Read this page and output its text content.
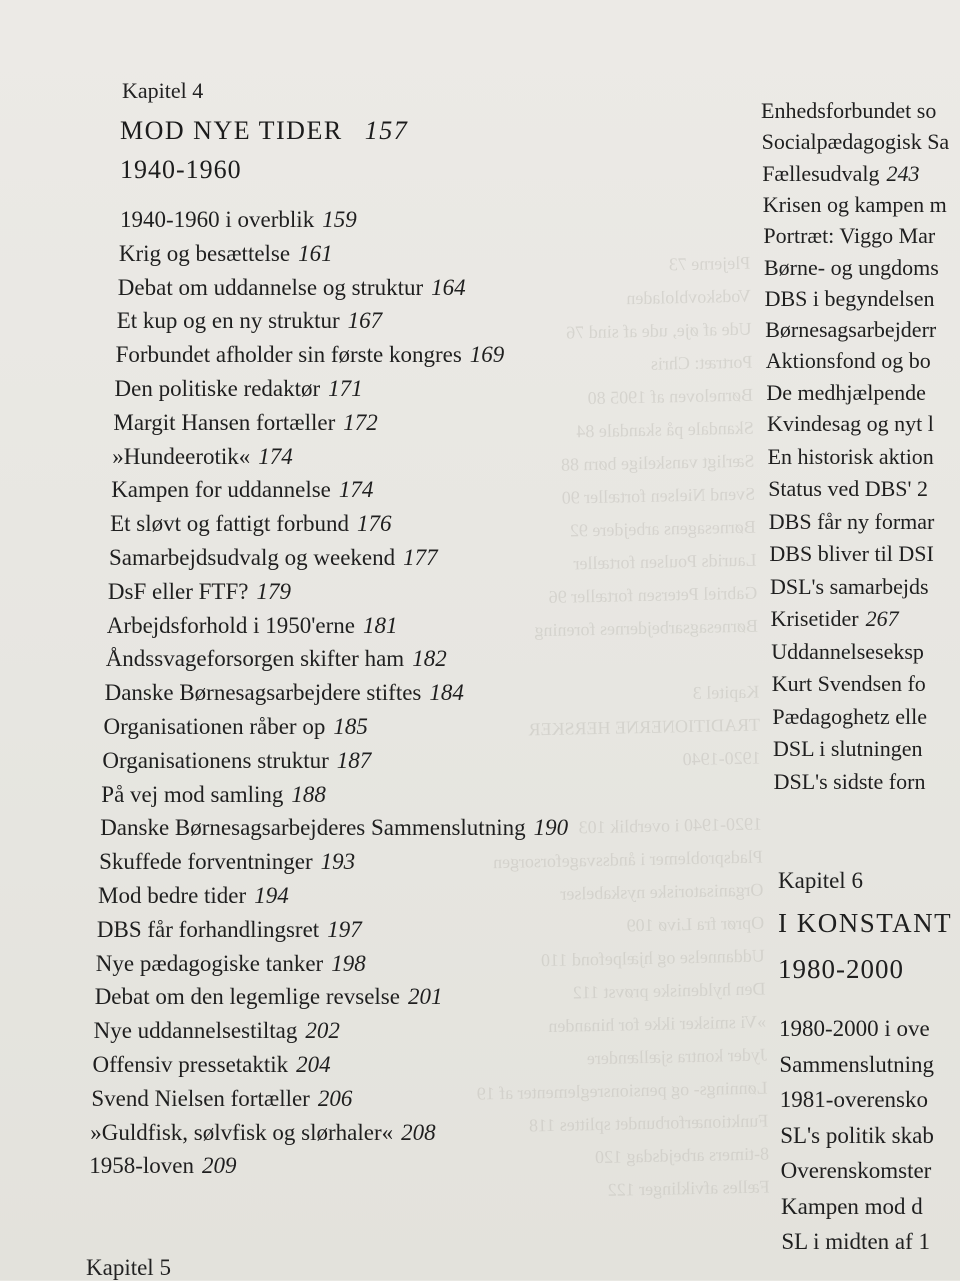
Plejerne 73
Vodskovbloladen
Ude af øje, ude af sind 76
Portræt: Chris
Børneloven af 1905 80
Skandale på skandale 84
Særligt vanskelige børn 88
Svend Nielsen fortæller 90
Børnesagens arbejdere 92
Laurids Poulsen fortæller
Gabriel Petersen fortæller 96
Børnesagsarbejdernes forening
Kapitel 3
TRADITIONERNE HERSKER
1920-1940
1920-1940 i overblik 103
Pladsproblemer i åndssvageforsorgen
Organisatoriske nyskabelser
Oprør fra Livø 109
Uddannelse og hjælpefond 110
Den hyldeniske prøvst 112
»Vi smisker ikke for hinanden
Jyder kontra sjællændere
Lønnings- og pensionsreglementer af 19
Funktionærforbundet splittes 118
8-timers arbejdsdag 120
Fælles afviklinger 122
Kapitel 4
MOD NYE TIDER 157
1940-1960
1940-1960 i overblik 159
Krig og besættelse 161
Debat om uddannelse og struktur 164
Et kup og en ny struktur 167
Forbundet afholder sin første kongres 169
Den politiske redaktør 171
Margit Hansen fortæller 172
»Hundeerotik« 174
Kampen for uddannelse 174
Et sløvt og fattigt forbund 176
Samarbejdsudvalg og weekend 177
DsF eller FTF? 179
Arbejdsforhold i 1950'erne 181
Åndssvageforsorgen skifter ham 182
Danske Børnesagsarbejdere stiftes 184
Organisationen råber op 185
Organisationens struktur 187
På vej mod samling 188
Danske Børnesagsarbejderes Sammenslutning 190
Skuffede forventninger 193
Mod bedre tider 194
DBS får forhandlingsret 197
Nye pædagogiske tanker 198
Debat om den legemlige revselse 201
Nye uddannelsestiltag 202
Offensiv pressetaktik 204
Svend Nielsen fortæller 206
»Guldfisk, sølvfisk og slørhaler« 208
1958-loven 209
Kapitel 5
Enhedsforbundet so
Socialpædagogisk Sa
Fællesudvalg 243
Krisen og kampen m
Portræt: Viggo Mar
Børne- og ungdoms
DBS i begyndelsen
Børnesagsarbejderr
Aktionsfond og bo
De medhjælpende
Kvindesag og nyt l
En historisk aktion
Status ved DBS' 2
DBS får ny formar
DBS bliver til DSI
DSL's samarbejds
Krisetider 267
Uddannelseseksp
Kurt Svendsen fo
Pædagoghetz elle
DSL i slutningen
DSL's sidste forn
Kapitel 6
I KONSTANT
1980-2000
1980-2000 i ove
Sammenslutning
1981-overensko
SL's politik skab
Overenskomster
Kampen mod d
SL i midten af 1
